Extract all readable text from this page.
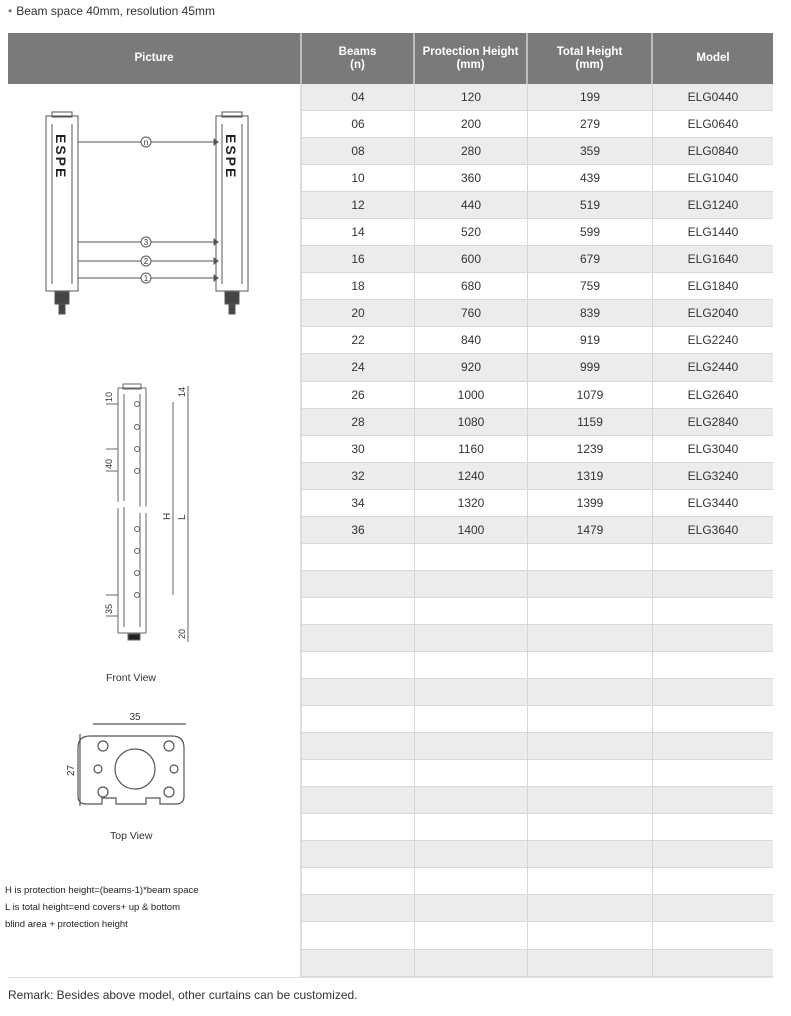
• Beam space 40mm, resolution 45mm
Picture
Beams
(n)
Protection Height
(mm)
Total Height
(mm)
Model
n
3
2
1
ESPE	ESPE
10
40
35
14
20
H L
35
27
Front View
Top View
04	120	199	ELG0440
06	200	279	ELG0640
08	280	359	ELG0840
10	360	439	ELG1040
12	440	519	ELG1240
14	520	599	ELG1440
16	600	679	ELG1640
18	680	759	ELG1840
20	760	839	ELG2040
22	840	919	ELG2240
24	920	999	ELG2440
26	1000	1079	ELG2640
28	1080	1159	ELG2840
30	1160	1239	ELG3040
32	1240	1319	ELG3240
34	1320	1399	ELG3440
36	1400	1479	ELG3640
H is protection height=(beams-1)*beam space
L is total height=end covers+ up & bottom
blind area + protection height
Remark: Besides above model, other curtains can be customized.
